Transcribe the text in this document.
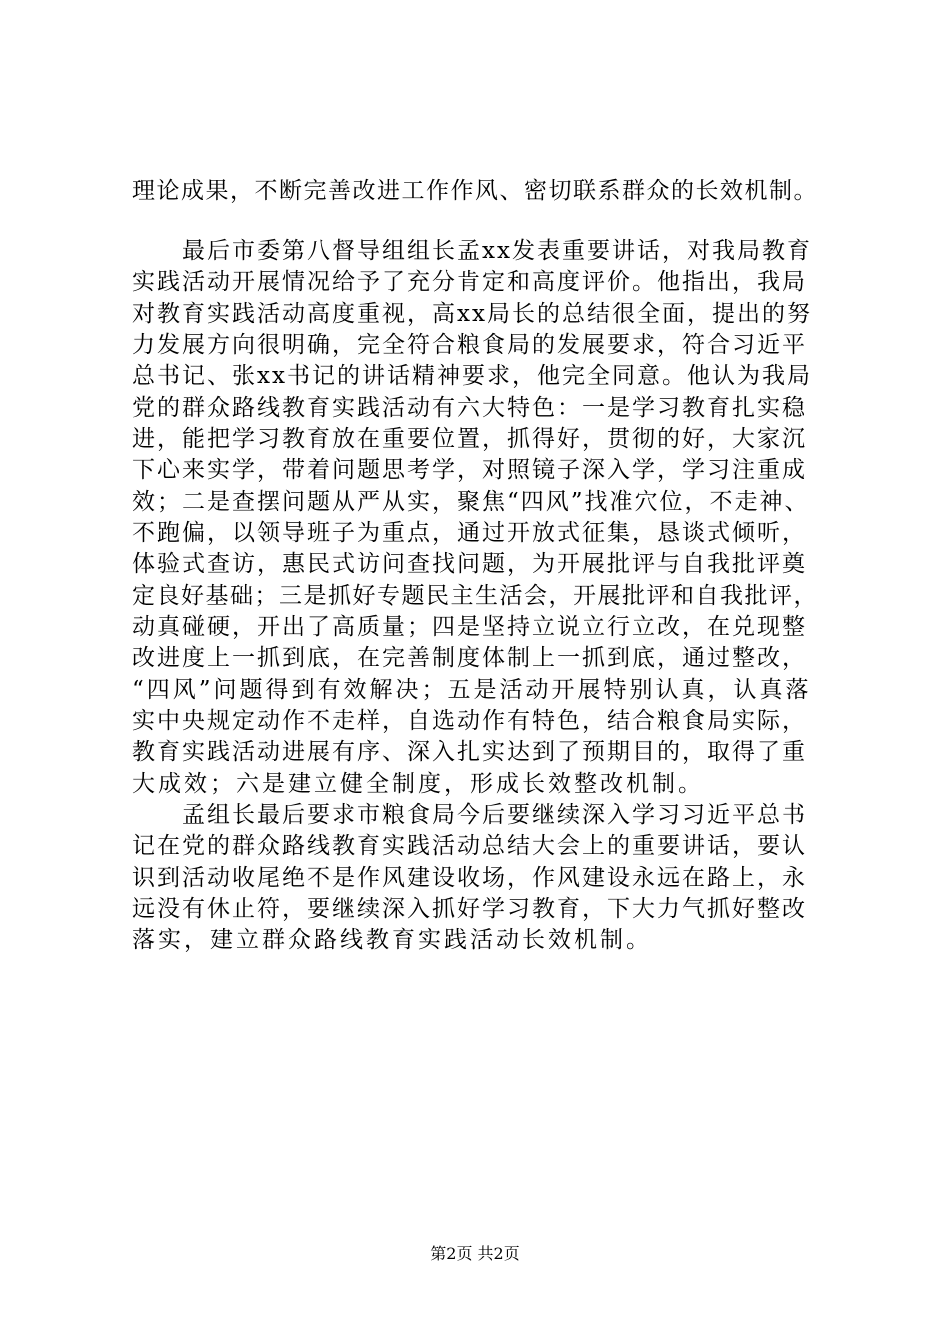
理论成果，不断完善改进工作作风、密切联系群众的长效机制。
　　最后市委第八督导组组长孟xx发表重要讲话，对我局教育
实践活动开展情况给予了充分肯定和高度评价。他指出，我局
对教育实践活动高度重视，高xx局长的总结很全面，提出的努
力发展方向很明确，完全符合粮食局的发展要求，符合习近平
总书记、张xx书记的讲话精神要求，他完全同意。他认为我局
党的群众路线教育实践活动有六大特色：一是学习教育扎实稳
进，能把学习教育放在重要位置，抓得好，贯彻的好，大家沉
下心来实学，带着问题思考学，对照镜子深入学，学习注重成
效；二是查摆问题从严从实，聚焦“四风”找准穴位，不走神、
不跑偏，以领导班子为重点，通过开放式征集，恳谈式倾听，
体验式查访，惠民式访问查找问题，为开展批评与自我批评奠
定良好基础；三是抓好专题民主生活会，开展批评和自我批评，
动真碰硬，开出了高质量；四是坚持立说立行立改，在兑现整
改进度上一抓到底，在完善制度体制上一抓到底，通过整改，
“四风”问题得到有效解决；五是活动开展特别认真，认真落
实中央规定动作不走样，自选动作有特色，结合粮食局实际，
教育实践活动进展有序、深入扎实达到了预期目的，取得了重
大成效；六是建立健全制度，形成长效整改机制。
　　孟组长最后要求市粮食局今后要继续深入学习习近平总书
记在党的群众路线教育实践活动总结大会上的重要讲话，要认
识到活动收尾绝不是作风建设收场，作风建设永远在路上，永
远没有休止符，要继续深入抓好学习教育，下大力气抓好整改
落实，建立群众路线教育实践活动长效机制。
第2页 共2页
